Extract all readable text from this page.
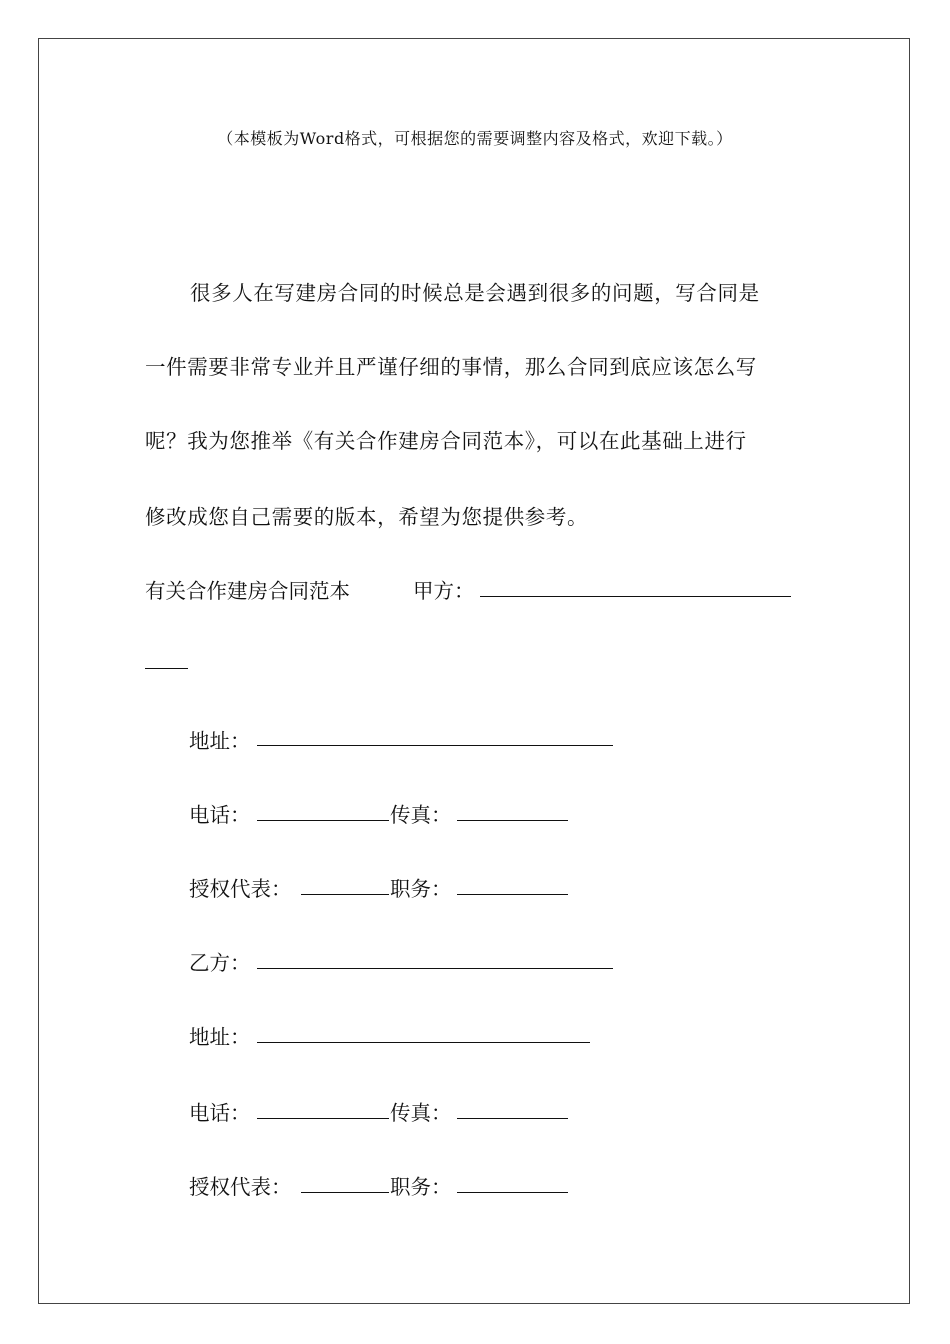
（本模板为Word格式，可根据您的需要调整内容及格式，欢迎下载。）
很多人在写建房合同的时候总是会遇到很多的问题，写合同是
一件需要非常专业并且严谨仔细的事情，那么合同到底应该怎么写
呢？我为您推举《有关合作建房合同范本》，可以在此基础上进行
修改成您自己需要的版本，希望为您提供参考。
有关合作建房合同范本	甲方：
地址：
电话：	传真：
授权代表：	职务：
乙方：
地址：
电话：	传真：
授权代表：	职务：
